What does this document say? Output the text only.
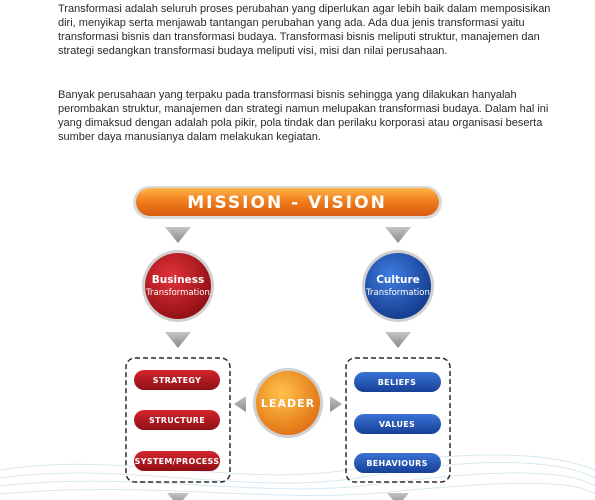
Transformasi adalah seluruh proses perubahan yang diperlukan agar lebih baik dalam memposisikan diri, menyikap serta menjawab tantangan perubahan yang ada. Ada dua jenis transformasi yaitu transformasi bisnis dan transformasi budaya. Transformasi bisnis meliputi struktur, manajemen dan strategi sedangkan transformasi budaya meliputi visi, misi dan nilai perusahaan.

Banyak perusahaan yang terpaku pada transformasi bisnis sehingga yang dilakukan hanyalah perombakan struktur, manajemen dan strategi namun melupakan transformasi budaya. Dalam hal ini yang dimaksud dengan adalah pola pikir, pola tindak dan perilaku korporasi atau organisasi beserta sumber daya manusianya dalam melakukan kegiatan.

MISSION - VISION
Business
Transformation
Culture
Transformation
STRATEGY
STRUCTURE
SYSTEM/PROCESS
BELIEFS
VALUES
BEHAVIOURS
LEADER
